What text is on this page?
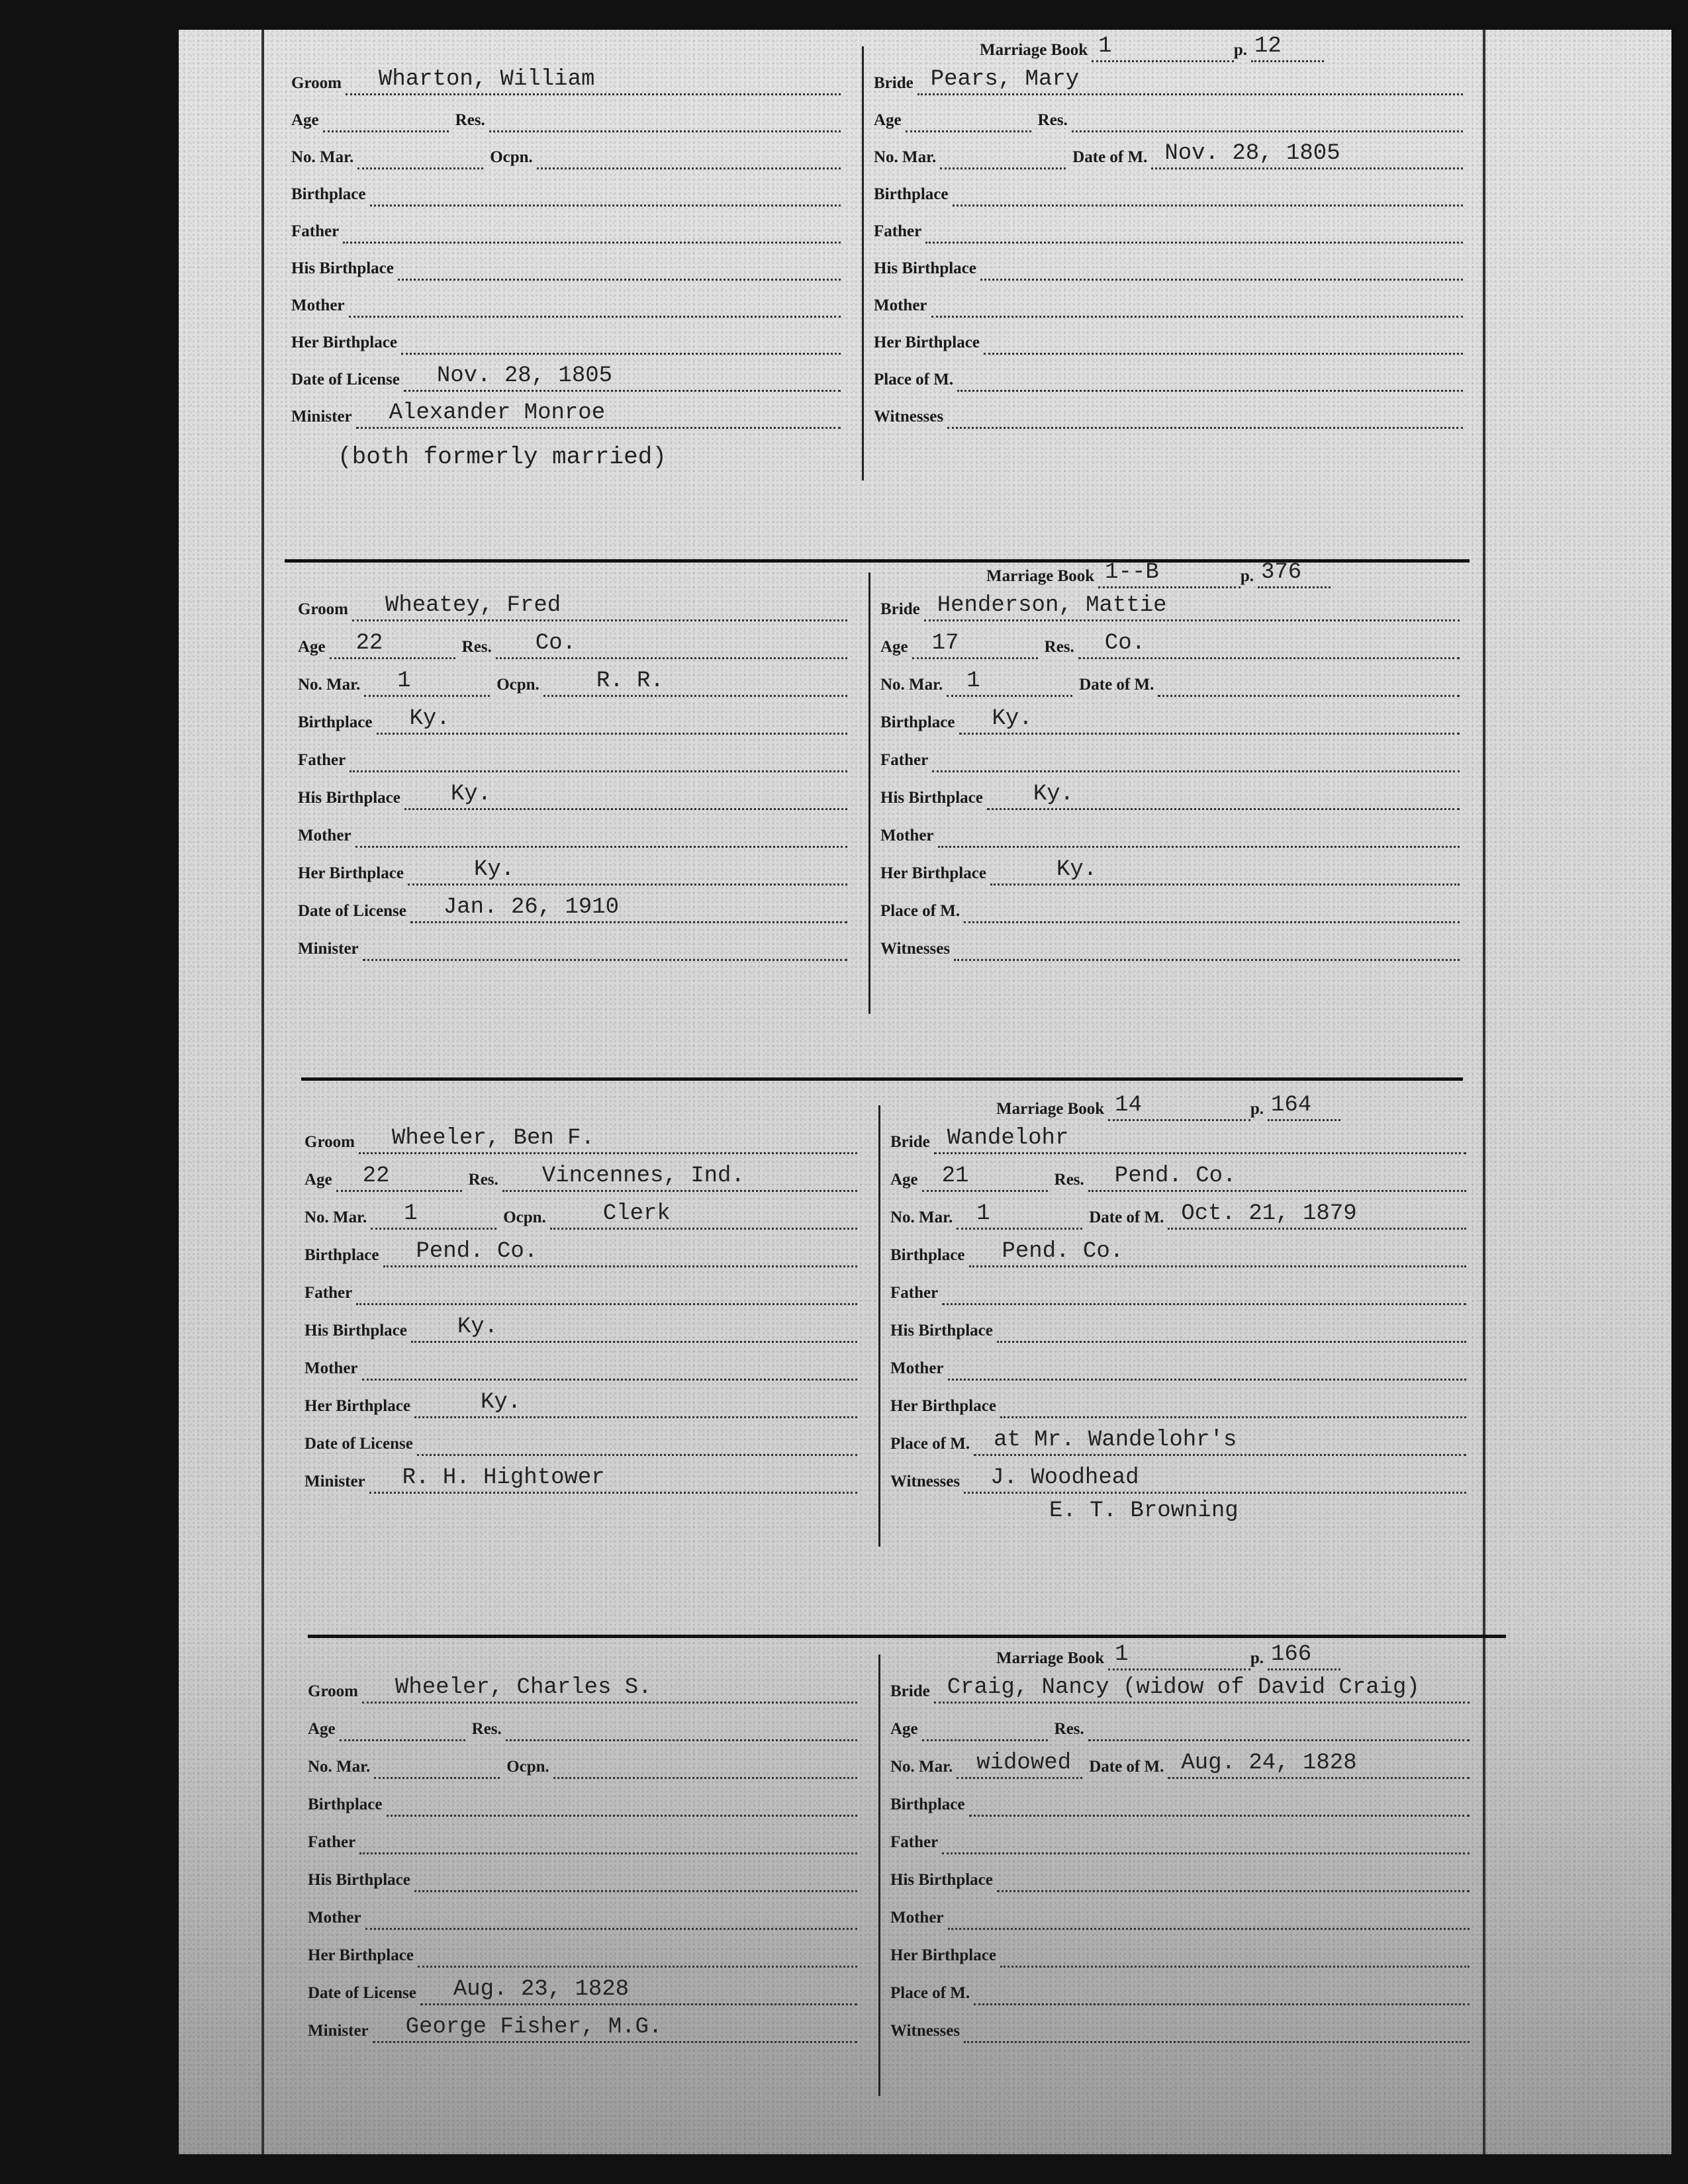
Groom Wharton, William
Age	Res.
No. Mar.	Ocpn.
Birthplace
Father
His Birthplace
Mother
Her Birthplace
Date of License Nov. 28, 1805
Minister Alexander Monroe
(both formerly married)
Marriage Book 1	p. 12
Bride Pears, Mary
Age	Res.
No. Mar.	Date of M. Nov. 28, 1805
Birthplace
Father
His Birthplace
Mother
Her Birthplace
Place of M.
Witnesses
Groom Wheatey, Fred
Age 22	Res. Co.
No. Mar. 1	Ocpn.	R. R.
Birthplace Ky.
Father
His Birthplace Ky.
Mother
Her Birthplace	Ky.
Date of License Jan. 26, 1910
Minister
Marriage Book 1--B	p. 376
Bride Henderson, Mattie
Age 17	Res. Co.
No. Mar. 1	Date of M.
Birthplace Ky.
Father
His Birthplace Ky.
Mother
Her Birthplace	Ky.
Place of M.
Witnesses
Groom Wheeler, Ben F.
Age 22	Res. Vincennes, Ind.
No. Mar. 1	Ocpn.	Clerk
Birthplace Pend. Co.
Father
His Birthplace Ky.
Mother
Her Birthplace	Ky.
Date of License
Minister R. H. Hightower
Marriage Book 14	p. 164
Bride Wandelohr
Age 21	Res. Pend. Co.
No. Mar. 1	Date of M. Oct. 21, 1879
Birthplace Pend. Co.
Father
His Birthplace
Mother
Her Birthplace
Place of M. at Mr. Wandelohr's
Witnesses J. Woodhead
E. T. Browning
Groom Wheeler, Charles S.
Age	Res.
No. Mar.	Ocpn.
Birthplace
Father
His Birthplace
Mother
Her Birthplace
Date of License Aug. 23, 1828
Minister George Fisher, M.G.
Marriage Book 1	p. 166
Bride Craig, Nancy (widow of David Craig)
Age	Res.
No. Mar. widowed Date of M. Aug. 24, 1828
Birthplace
Father
His Birthplace
Mother
Her Birthplace
Place of M.
Witnesses
